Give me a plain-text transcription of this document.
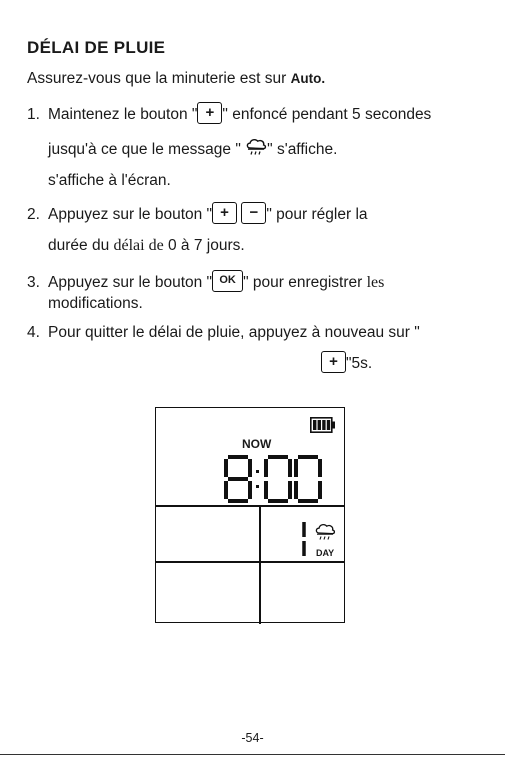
DÉLAI DE PLUIE
Assurez-vous que la minuterie est sur Auto.
1. Maintenez le bouton " + " enfoncé pendant 5 secondes
jusqu'à ce que le message " " s'affiche.
s'affiche à l'écran.
2. Appuyez sur le bouton " + − " pour régler la
durée du délai de 0 à 7 jours.
3. Appuyez sur le bouton " OK " pour enregistrer les
modifications.
4. Pour quitter le délai de pluie, appuyez à nouveau sur "
+ "5s.
NOW
DAY
-54-
